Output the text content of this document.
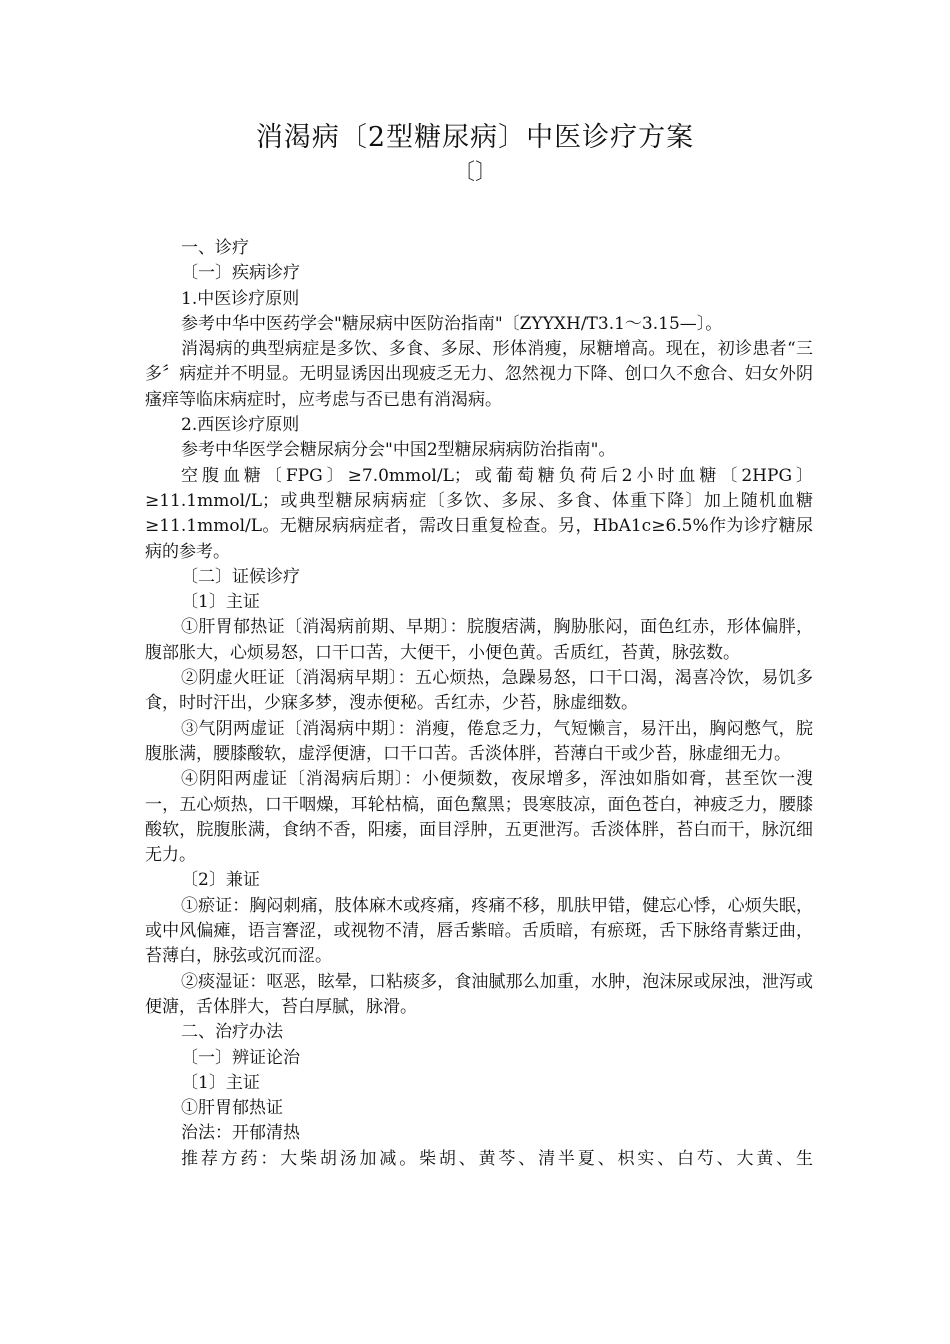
消渴病〔2型糖尿病〕中医诊疗方案
〔〕

一、诊疗

〔一〕疾病诊疗

1.中医诊疗原则

参考中华中医药学会"糖尿病中医防治指南"〔ZYYXH/T3.1～3.15—〕。

消渴病的典型病症是多饮、多食、多尿、形体消瘦，尿糖增高。现在，初诊患者“三多〞病症并不明显。无明显诱因出现疲乏无力、忽然视力下降、创口久不愈合、妇女外阴瘙痒等临床病症时，应考虑与否已患有消渴病。

2.西医诊疗原则

参考中华医学会糖尿病分会"中国2型糖尿病病防治指南"。

空腹血糖〔FPG〕≥7.0mmol/L；或葡萄糖负荷后2小时血糖〔2HPG〕≥11.1mmol/L；或典型糖尿病病症〔多饮、多尿、多食、体重下降〕加上随机血糖≥11.1mmol/L。无糖尿病病症者，需改日重复检查。另，HbA1c≥6.5%作为诊疗糖尿病的参考。

〔二〕证候诊疗

〔1〕主证

①肝胃郁热证〔消渴病前期、早期〕：脘腹痞满，胸胁胀闷，面色红赤，形体偏胖，腹部胀大，心烦易怒，口干口苦，大便干，小便色黄。舌质红，苔黄，脉弦数。

②阴虚火旺证〔消渴病早期〕：五心烦热，急躁易怒，口干口渴，渴喜冷饮，易饥多食，时时汗出，少寐多梦，溲赤便秘。舌红赤，少苔，脉虚细数。

③气阴两虚证〔消渴病中期〕：消瘦，倦怠乏力，气短懒言，易汗出，胸闷憋气，脘腹胀满，腰膝酸软，虚浮便溏，口干口苦。舌淡体胖，苔薄白干或少苔，脉虚细无力。

④阴阳两虚证〔消渴病后期〕：小便频数，夜尿增多，浑浊如脂如膏，甚至饮一溲一，五心烦热，口干咽燥，耳轮枯槁，面色黧黑；畏寒肢凉，面色苍白，神疲乏力，腰膝酸软，脘腹胀满，食纳不香，阳痿，面目浮肿，五更泄泻。舌淡体胖，苔白而干，脉沉细无力。

〔2〕兼证

①瘀证：胸闷刺痛，肢体麻木或疼痛，疼痛不移，肌肤甲错，健忘心悸，心烦失眠，或中风偏瘫，语言謇涩，或视物不清，唇舌紫暗。舌质暗，有瘀斑，舌下脉络青紫迂曲，苔薄白，脉弦或沉而涩。

②痰湿证：呕恶，眩晕，口粘痰多，食油腻那么加重，水肿，泡沫尿或尿浊，泄泻或便溏，舌体胖大，苔白厚腻，脉滑。

二、治疗办法

〔一〕辨证论治

〔1〕主证

①肝胃郁热证

治法：开郁清热

推荐方药：大柴胡汤加减。柴胡、黄芩、清半夏、枳实、白芍、大黄、生
